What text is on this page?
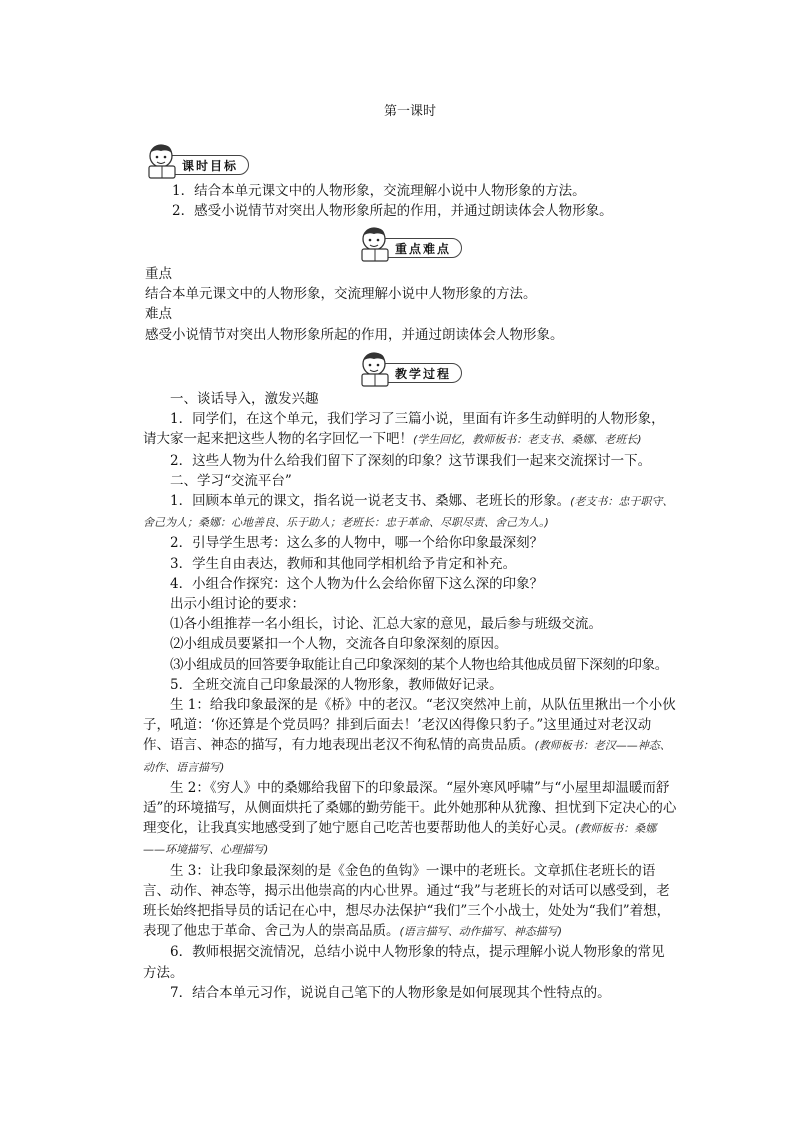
第一课时
课时目标

1．结合本单元课文中的人物形象，交流理解小说中人物形象的方法。

2．感受小说情节对突出人物形象所起的作用，并通过朗读体会人物形象。

重点难点

重点

结合本单元课文中的人物形象，交流理解小说中人物形象的方法。

难点

感受小说情节对突出人物形象所起的作用，并通过朗读体会人物形象。

教学过程

一、谈话导入，激发兴趣

1．同学们，在这个单元，我们学习了三篇小说，里面有许多生动鲜明的人物形象，请大家一起来把这些人物的名字回忆一下吧！(学生回忆，教师板书：老支书、桑娜、老班长)

2．这些人物为什么给我们留下了深刻的印象？这节课我们一起来交流探讨一下。

二、学习“交流平台”

1．回顾本单元的课文，指名说一说老支书、桑娜、老班长的形象。(老支书：忠于职守、舍己为人；桑娜：心地善良、乐于助人；老班长：忠于革命、尽职尽责、舍己为人。)

2．引导学生思考：这么多的人物中，哪一个给你印象最深刻？

3．学生自由表达，教师和其他同学相机给予肯定和补充。

4．小组合作探究：这个人物为什么会给你留下这么深的印象？

出示小组讨论的要求：

⑴各小组推荐一名小组长，讨论、汇总大家的意见，最后参与班级交流。

⑵小组成员要紧扣一个人物，交流各自印象深刻的原因。

⑶小组成员的回答要争取能让自己印象深刻的某个人物也给其他成员留下深刻的印象。

5．全班交流自己印象最深的人物形象，教师做好记录。

生 1：给我印象最深的是《桥》中的老汉。“老汉突然冲上前，从队伍里揪出一个小伙子，吼道：‘你还算是个党员吗？排到后面去！’老汉凶得像只豹子。”这里通过对老汉动作、语言、神态的描写，有力地表现出老汉不徇私情的高贵品质。(教师板书：老汉——神态、动作、语言描写)

生 2：《穷人》中的桑娜给我留下的印象最深。“屋外寒风呼啸”与“小屋里却温暖而舒适”的环境描写，从侧面烘托了桑娜的勤劳能干。此外她那种从犹豫、担忧到下定决心的心理变化，让我真实地感受到了她宁愿自己吃苦也要帮助他人的美好心灵。(教师板书：桑娜——环境描写、心理描写)

生 3：让我印象最深刻的是《金色的鱼钩》一课中的老班长。文章抓住老班长的语言、动作、神态等，揭示出他崇高的内心世界。通过“我”与老班长的对话可以感受到，老班长始终把指导员的话记在心中，想尽办法保护“我们”三个小战士，处处为“我们”着想，表现了他忠于革命、舍己为人的崇高品质。(语言描写、动作描写、神态描写)

6．教师根据交流情况，总结小说中人物形象的特点，提示理解小说人物形象的常见方法。

7．结合本单元习作，说说自己笔下的人物形象是如何展现其个性特点的。
